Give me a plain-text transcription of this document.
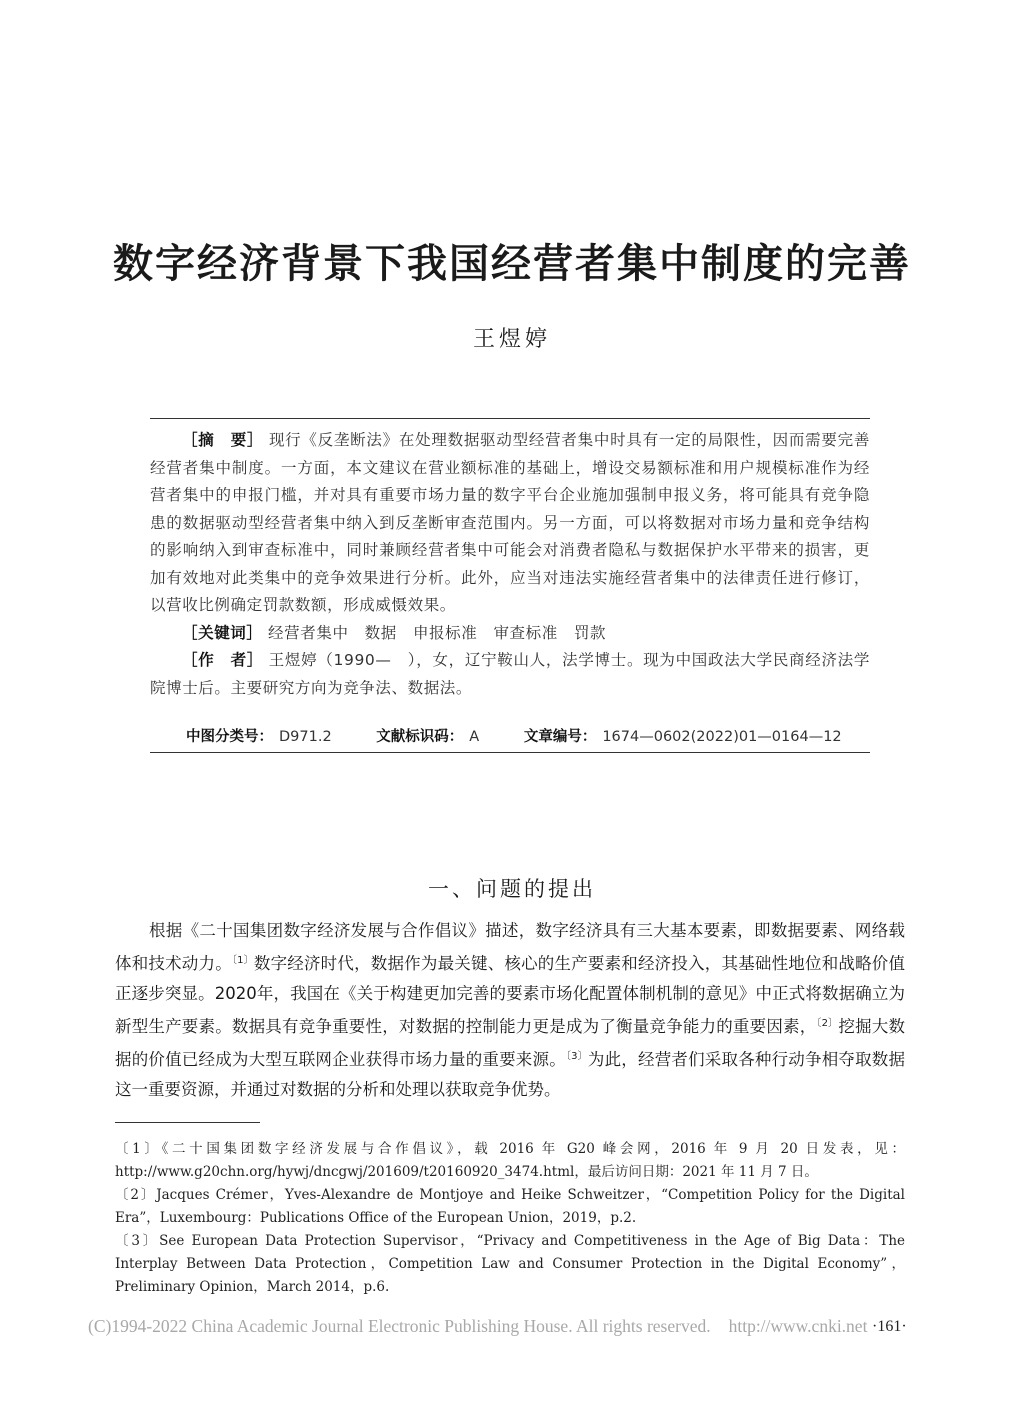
数字经济背景下我国经营者集中制度的完善
王煜婷

［摘　要］ 现行《反垄断法》在处理数据驱动型经营者集中时具有一定的局限性，因而需要完善经营者集中制度。一方面，本文建议在营业额标准的基础上，增设交易额标准和用户规模标准作为经营者集中的申报门槛，并对具有重要市场力量的数字平台企业施加强制申报义务，将可能具有竞争隐患的数据驱动型经营者集中纳入到反垄断审查范围内。另一方面，可以将数据对市场力量和竞争结构的影响纳入到审查标准中，同时兼顾经营者集中可能会对消费者隐私与数据保护水平带来的损害，更加有效地对此类集中的竞争效果进行分析。此外，应当对违法实施经营者集中的法律责任进行修订，以营收比例确定罚款数额，形成威慑效果。

［关键词］ 经营者集中　数据　申报标准　审查标准　罚款

［作　者］ 王煜婷（1990—　），女，辽宁鞍山人，法学博士。现为中国政法大学民商经济法学院博士后。主要研究方向为竞争法、数据法。

中图分类号： D971.2	文献标识码： A	文章编号： 1674—0602(2022)01—0164—12
一、问题的提出

根据《二十国集团数字经济发展与合作倡议》描述，数字经济具有三大基本要素，即数据要素、网络载体和技术动力。$^{〔1〕}$数字经济时代，数据作为最关键、核心的生产要素和经济投入，其基础性地位和战略价值正逐步突显。2020年，我国在《关于构建更加完善的要素市场化配置体制机制的意见》中正式将数据确立为新型生产要素。数据具有竞争重要性，对数据的控制能力更是成为了衡量竞争能力的重要因素，$^{〔2〕}$挖掘大数据的价值已经成为大型互联网企业获得市场力量的重要来源。$^{〔3〕}$为此，经营者们采取各种行动争相夺取数据这一重要资源，并通过对数据的分析和处理以获取竞争优势。

〔1〕《二十国集团数字经济发展与合作倡议》，载 2016 年 G20 峰会网，2016 年 9 月 20 日发表，见：http://www.g20chn.org/hywj/dncgwj/201609/t20160920_3474.html，最后访问日期：2021 年 11 月 7 日。

〔2〕Jacques Crémer，Yves-Alexandre de Montjoye and Heike Schweitzer，“Competition Policy for the Digital Era”，Luxembourg：Publications Office of the European Union，2019，p.2.

〔3〕See European Data Protection Supervisor，“Privacy and Competitiveness in the Age of Big Data：The Interplay Between Data Protection，Competition Law and Consumer Protection in the Digital Economy”，Preliminary Opinion，March 2014，p.6.

(C)1994-2022 China Academic Journal Electronic Publishing House. All rights reserved. http://www.cnki.net ·161·
